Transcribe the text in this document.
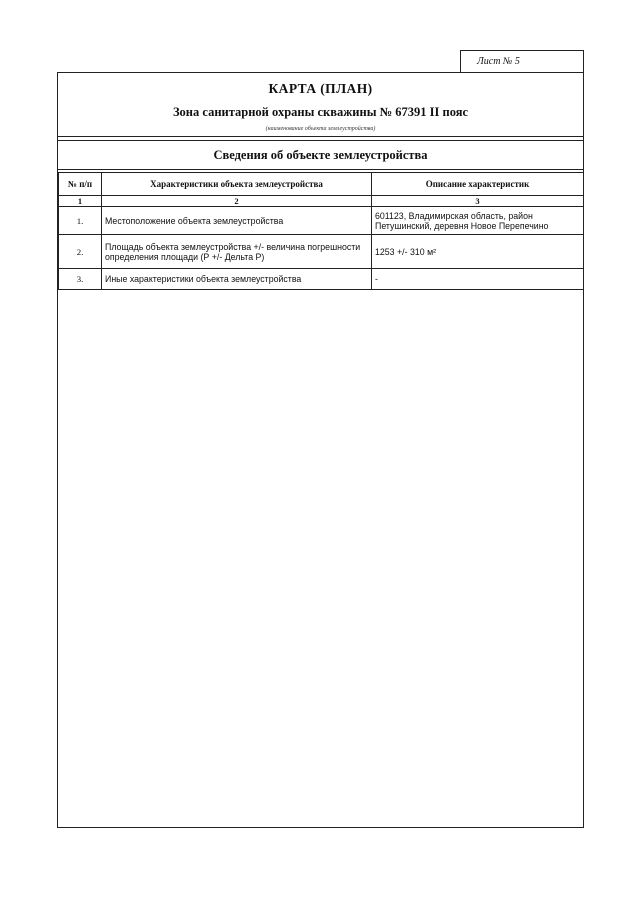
Лист № 5
КАРТА (ПЛАН)
Зона санитарной охраны скважины № 67391 II пояс
(наименование объекта землеустройства)
Сведения об объекте землеустройства
№ п/п	Характеристики объекта землеустройства	Описание характеристик
1	2	3
1.	Местоположение объекта землеустройства	601123, Владимирская область, район Петушинский, деревня Новое Перепечино
2.	Площадь объекта землеустройства +/- величина погрешности определения площади (Р +/- Дельта Р)	1253 +/- 310 м²
3.	Иные характеристики объекта землеустройства	-
